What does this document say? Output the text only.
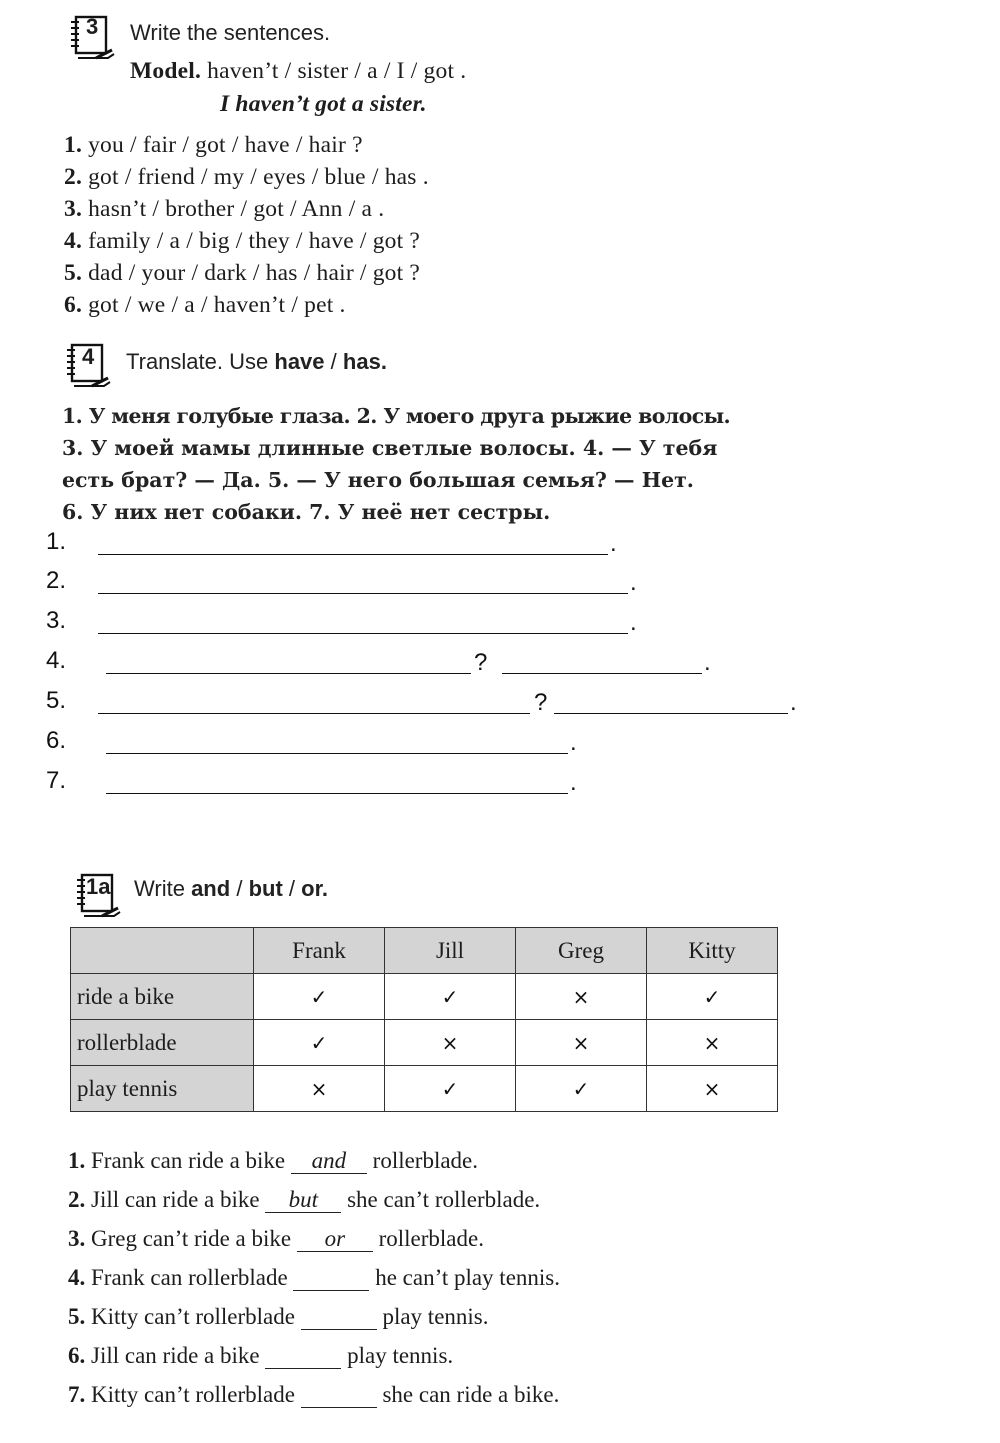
3 Write the sentences.
Model. haven’t / sister / a / I / got .
I haven’t got a sister.
1. you / fair / got / have / hair ?
2. got / friend / my / eyes / blue / has .
3. hasn’t / brother / got / Ann / a .
4. family / a / big / they / have / got ?
5. dad / your / dark / has / hair / got ?
6. got / we / a / haven’t / pet .
4 Translate. Use have / has.
1. У меня голубые глаза. 2. У моего друга рыжие волосы.
3. У моей мамы длинные светлые волосы. 4. — У тебя
есть брат? — Да. 5. — У него большая семья? — Нет.
6. У них нет собаки. 7. У неё нет сестры.
1.	.
2.	.
3.	.
4.	?	.
5.	?	.
6.	.
7.	.
1a Write and / but / or.
	Frank	Jill	Greg	Kitty
ride a bike	✓	✓	×	✓
rollerblade	✓	×	×	×
play tennis	×	✓	✓	×
1. Frank can ride a bike and rollerblade.
2. Jill can ride a bike but she can’t rollerblade.
3. Greg can’t ride a bike or rollerblade.
4. Frank can rollerblade	he can’t play tennis.
5. Kitty can’t rollerblade	play tennis.
6. Jill can ride a bike	play tennis.
7. Kitty can’t rollerblade	she can ride a bike.
